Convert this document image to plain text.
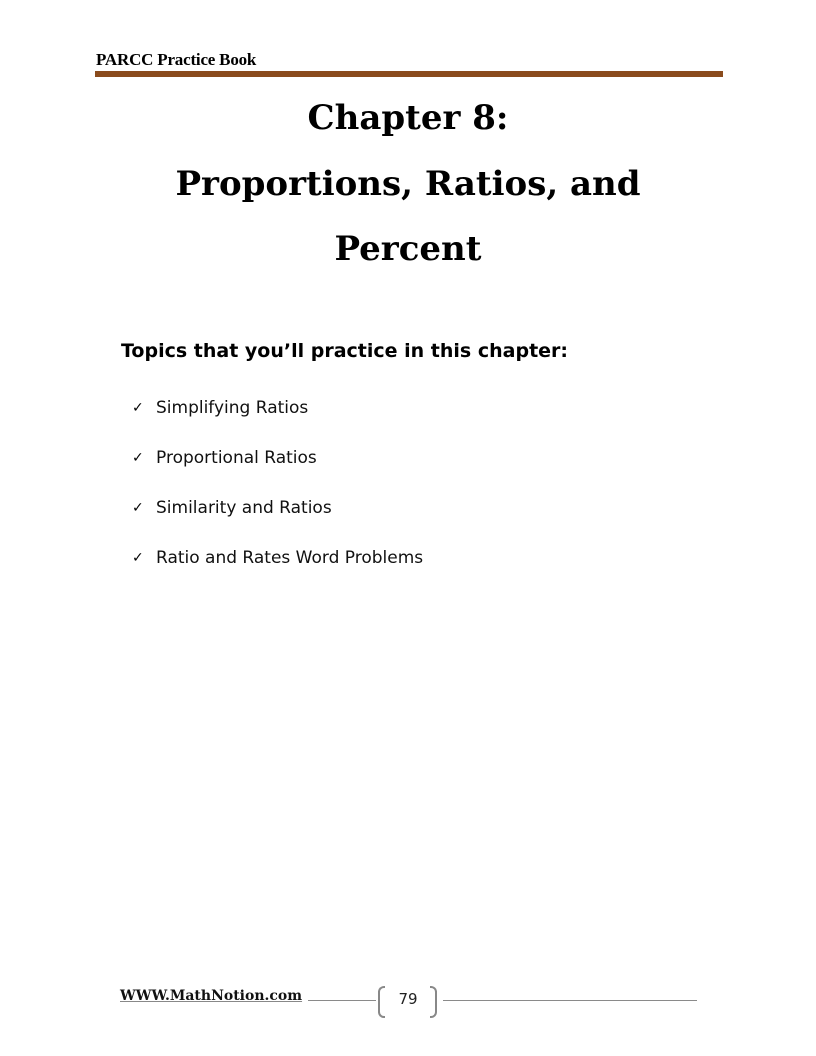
PARCC Practice Book
Chapter 8:
Proportions, Ratios, and
Percent
Topics that you’ll practice in this chapter:
✓ Simplifying Ratios
✓ Proportional Ratios
✓ Similarity and Ratios
✓ Ratio and Rates Word Problems
WWW.MathNotion.com	79
